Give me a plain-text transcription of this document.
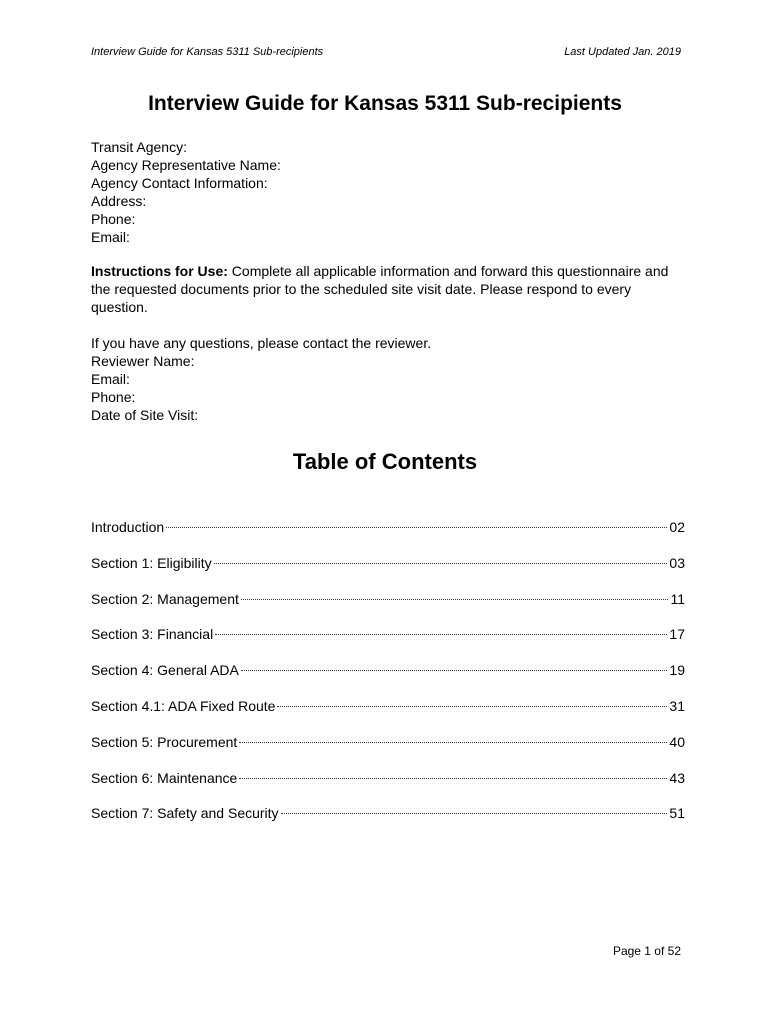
Interview Guide for Kansas 5311 Sub-recipients	Last Updated Jan. 2019
Interview Guide for Kansas 5311 Sub-recipients
Transit Agency:
Agency Representative Name:
Agency Contact Information:
Address:
Phone:
Email:
Instructions for Use: Complete all applicable information and forward this questionnaire and the requested documents prior to the scheduled site visit date. Please respond to every question.
If you have any questions, please contact the reviewer.
Reviewer Name:
Email:
Phone:
Date of Site Visit:
Table of Contents
Introduction	02
Section 1: Eligibility	03
Section 2: Management	11
Section 3: Financial	17
Section 4: General ADA	19
Section 4.1: ADA Fixed Route	31
Section 5: Procurement	40
Section 6: Maintenance	43
Section 7: Safety and Security	51
Page 1 of 52
